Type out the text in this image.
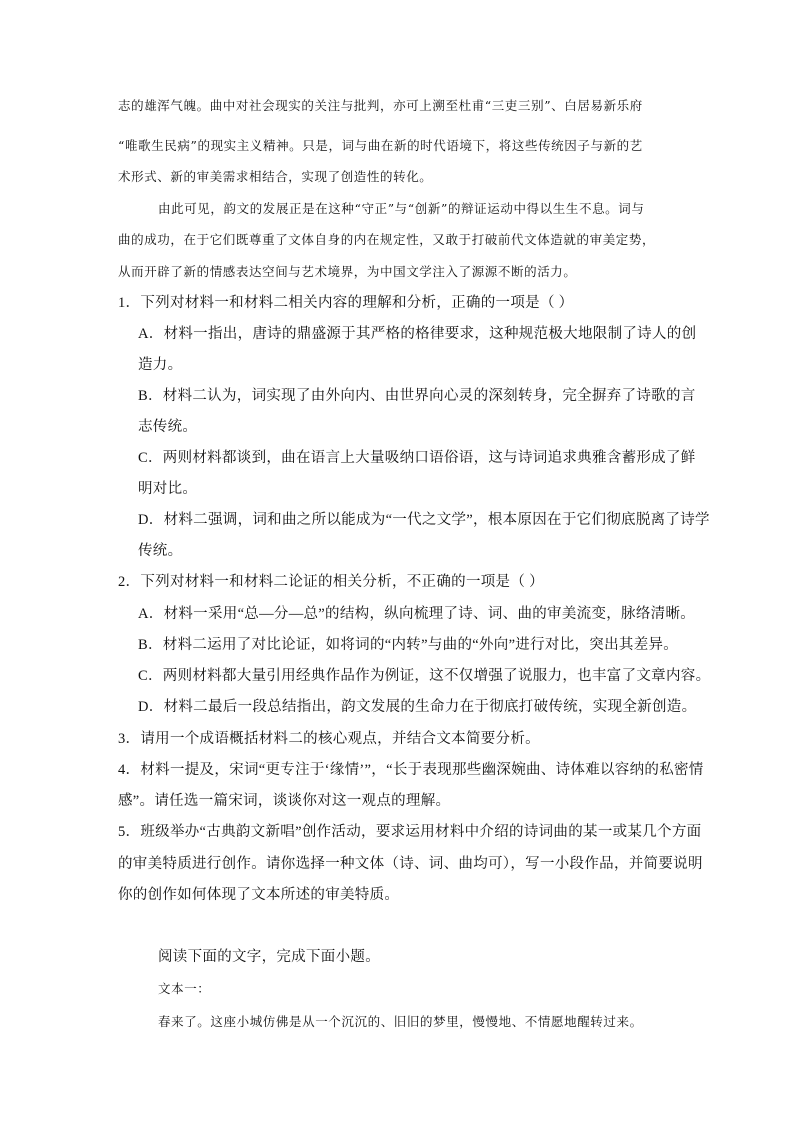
志的雄浑气魄。曲中对社会现实的关注与批判，亦可上溯至杜甫“三吏三别”、白居易新乐府
“唯歌生民病”的现实主义精神。只是，词与曲在新的时代语境下，将这些传统因子与新的艺
术形式、新的审美需求相结合，实现了创造性的转化。
由此可见，韵文的发展正是在这种“守正”与“创新”的辩证运动中得以生生不息。词与
曲的成功，在于它们既尊重了文体自身的内在规定性，又敢于打破前代文体造就的审美定势，
从而开辟了新的情感表达空间与艺术境界，为中国文学注入了源源不断的活力。
1．下列对材料一和材料二相关内容的理解和分析，正确的一项是（ ）
A．材料一指出，唐诗的鼎盛源于其严格的格律要求，这种规范极大地限制了诗人的创
造力。
B．材料二认为，词实现了由外向内、由世界向心灵的深刻转身，完全摒弃了诗歌的言
志传统。
C．两则材料都谈到，曲在语言上大量吸纳口语俗语，这与诗词追求典雅含蓄形成了鲜
明对比。
D．材料二强调，词和曲之所以能成为“一代之文学”，根本原因在于它们彻底脱离了诗学
传统。
2．下列对材料一和材料二论证的相关分析，不正确的一项是（ ）
A．材料一采用“总—分—总”的结构，纵向梳理了诗、词、曲的审美流变，脉络清晰。
B．材料二运用了对比论证，如将词的“内转”与曲的“外向”进行对比，突出其差异。
C．两则材料都大量引用经典作品作为例证，这不仅增强了说服力，也丰富了文章内容。
D．材料二最后一段总结指出，韵文发展的生命力在于彻底打破传统，实现全新创造。
3．请用一个成语概括材料二的核心观点，并结合文本简要分析。
4．材料一提及，宋词“更专注于‘缘情’”，“长于表现那些幽深婉曲、诗体难以容纳的私密情
感”。请任选一篇宋词，谈谈你对这一观点的理解。
5．班级举办“古典韵文新唱”创作活动，要求运用材料中介绍的诗词曲的某一或某几个方面
的审美特质进行创作。请你选择一种文体（诗、词、曲均可），写一小段作品，并简要说明
你的创作如何体现了文本所述的审美特质。
阅读下面的文字，完成下面小题。
文本一：
春来了。这座小城仿佛是从一个沉沉的、旧旧的梦里，慢慢地、不情愿地醒转过来。
